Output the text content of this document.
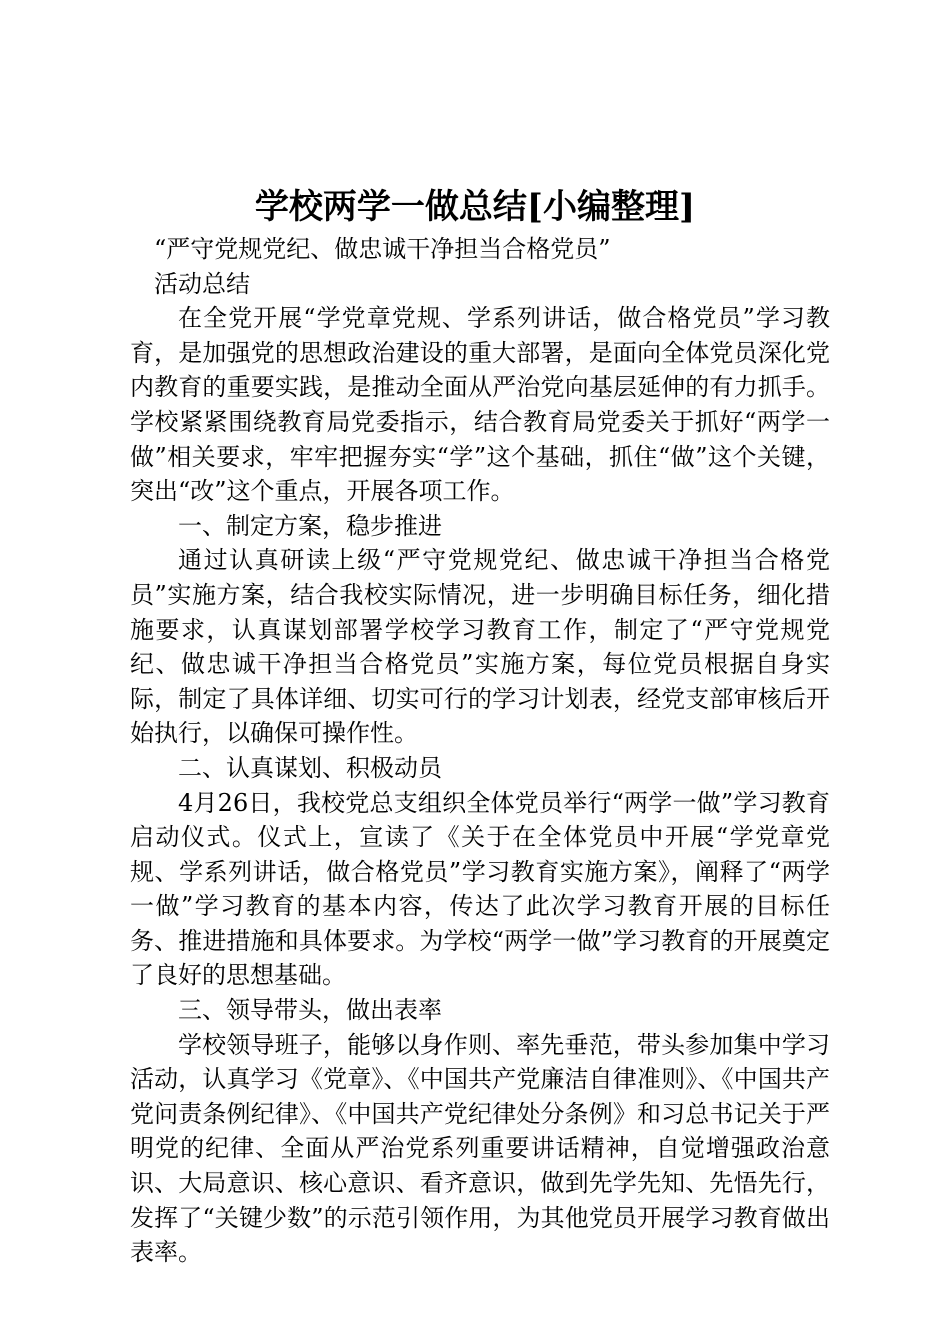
学校两学一做总结[小编整理]

“严守党规党纪、做忠诚干净担当合格党员”

活动总结

在全党开展“学党章党规、学系列讲话，做合格党员”学习教育，是加强党的思想政治建设的重大部署，是面向全体党员深化党内教育的重要实践，是推动全面从严治党向基层延伸的有力抓手。学校紧紧围绕教育局党委指示，结合教育局党委关于抓好“两学一做”相关要求，牢牢把握夯实“学”这个基础，抓住“做”这个关键，突出“改”这个重点，开展各项工作。

一、制定方案，稳步推进

通过认真研读上级“严守党规党纪、做忠诚干净担当合格党员”实施方案，结合我校实际情况，进一步明确目标任务，细化措施要求，认真谋划部署学校学习教育工作，制定了“严守党规党纪、做忠诚干净担当合格党员”实施方案，每位党员根据自身实际，制定了具体详细、切实可行的学习计划表，经党支部审核后开始执行，以确保可操作性。

二、认真谋划、积极动员

4月26日，我校党总支组织全体党员举行“两学一做”学习教育启动仪式。仪式上，宣读了《关于在全体党员中开展“学党章党规、学系列讲话，做合格党员”学习教育实施方案》，阐释了“两学一做”学习教育的基本内容，传达了此次学习教育开展的目标任务、推进措施和具体要求。为学校“两学一做”学习教育的开展奠定了良好的思想基础。

三、领导带头，做出表率

学校领导班子，能够以身作则、率先垂范，带头参加集中学习活动，认真学习《党章》、《中国共产党廉洁自律准则》、《中国共产党问责条例纪律》、《中国共产党纪律处分条例》和习总书记关于严明党的纪律、全面从严治党系列重要讲话精神，自觉增强政治意识、大局意识、核心意识、看齐意识，做到先学先知、先悟先行，发挥了“关键少数”的示范引领作用，为其他党员开展学习教育做出表率。
